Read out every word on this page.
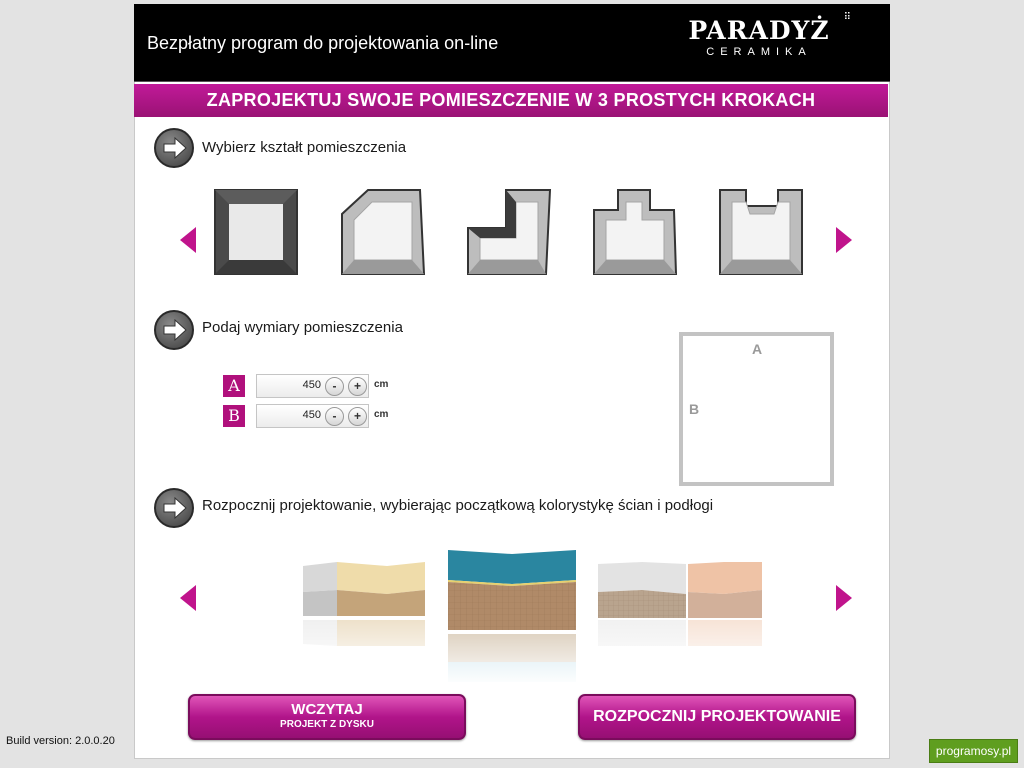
Bezpłatny program do projektowania on-line	PARADYŻ
CERAMIKA
⠿
ZAPROJEKTUJ SWOJE POMIESZCZENIE W 3 PROSTYCH KROKACH
Wybierz kształt pomieszczenia
Podaj wymiary pomieszczenia
A	450 -	+	cm
B	450 -	+	cm
A
B
Rozpocznij projektowanie, wybierając początkową kolorystykę ścian i podłogi
WCZYTAJ
PROJEKT Z DYSKU	ROZPOCZNIJ PROJEKTOWANIE
Build version: 2.0.0.20
programosy.pl
